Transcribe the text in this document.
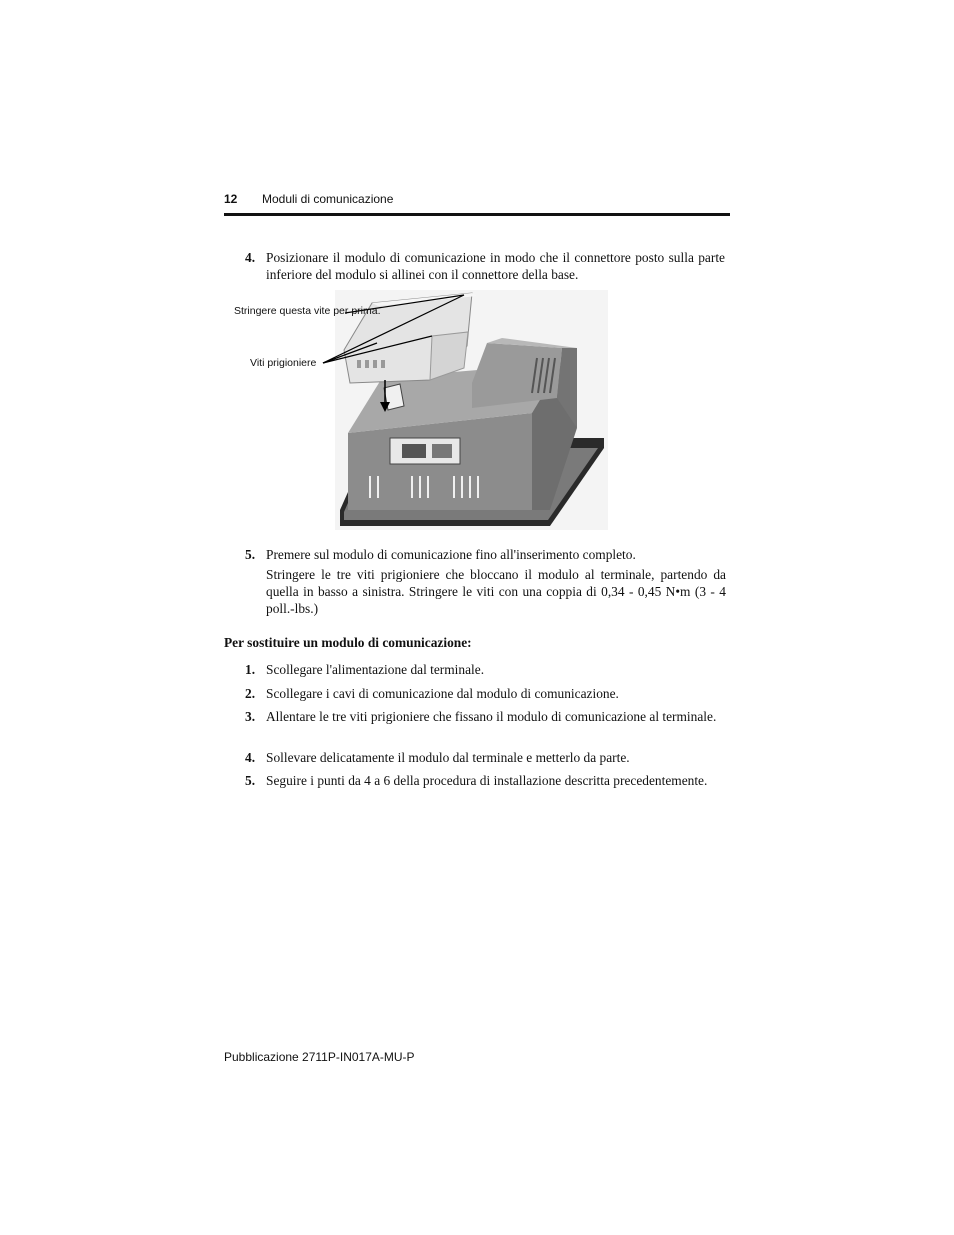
12 Moduli di comunicazione
4. Posizionare il modulo di comunicazione in modo che il connettore posto sulla parte inferiore del modulo si allinei con il connettore della base.
Stringere questa vite per prima.
Viti prigioniere
5. Premere sul modulo di comunicazione fino all'inserimento completo.
Stringere le tre viti prigioniere che bloccano il modulo al terminale, partendo da quella in basso a sinistra. Stringere le viti con una coppia di 0,34 - 0,45 N•m (3 - 4 poll.-lbs.)
Per sostituire un modulo di comunicazione:
1. Scollegare l'alimentazione dal terminale.
2. Scollegare i cavi di comunicazione dal modulo di comunicazione.
3. Allentare le tre viti prigioniere che fissano il modulo di comunicazione al terminale.
4. Sollevare delicatamente il modulo dal terminale e metterlo da parte.
5. Seguire i punti da 4 a 6 della procedura di installazione descritta precedentemente.
Pubblicazione 2711P-IN017A-MU-P
